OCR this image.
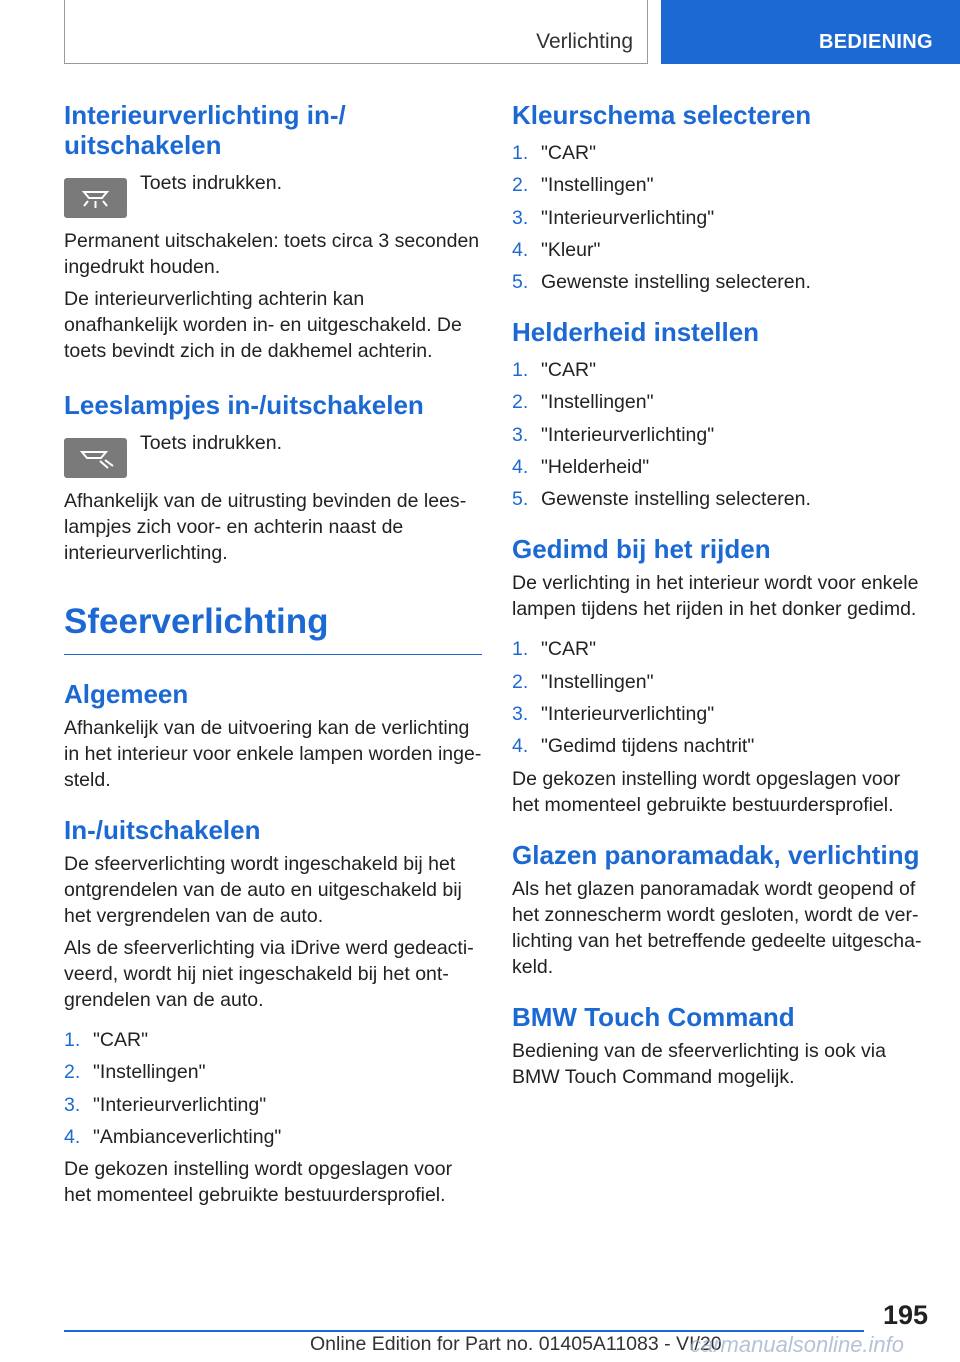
Verlichting	BEDIENING
Interieurverlichting in-/
uitschakelen

Toets indrukken.

Permanent uitschakelen: toets circa 3 seconden ingedrukt houden.

De interieurverlichting achterin kan onafhankelijk worden in- en uitgeschakeld. De toets bevindt zich in de dakhemel achterin.

Leeslampjes in-/uitschakelen

Toets indrukken.

Afhankelijk van de uitrusting bevinden de leeslampjes zich voor- en achterin naast de interieurverlichting.

Sfeerverlichting
Algemeen

Afhankelijk van de uitvoering kan de verlichting in het interieur voor enkele lampen worden ingesteld.

In-/uitschakelen

De sfeerverlichting wordt ingeschakeld bij het ontgrendelen van de auto en uitgeschakeld bij het vergrendelen van de auto.

Als de sfeerverlichting via iDrive werd gedeactiveerd, wordt hij niet ingeschakeld bij het ontgrendelen van de auto.

1. "CAR"
2. "Instellingen"
3. "Interieurverlichting"
4. "Ambianceverlichting"

De gekozen instelling wordt opgeslagen voor het momenteel gebruikte bestuurdersprofiel.

Kleurschema selecteren
1. "CAR"
2. "Instellingen"
3. "Interieurverlichting"
4. "Kleur"
5. Gewenste instelling selecteren.
Helderheid instellen
1. "CAR"
2. "Instellingen"
3. "Interieurverlichting"
4. "Helderheid"
5. Gewenste instelling selecteren.
Gedimd bij het rijden

De verlichting in het interieur wordt voor enkele lampen tijdens het rijden in het donker gedimd.

1. "CAR"
2. "Instellingen"
3. "Interieurverlichting"
4. "Gedimd tijdens nachtrit"

De gekozen instelling wordt opgeslagen voor het momenteel gebruikte bestuurdersprofiel.

Glazen panoramadak, verlichting

Als het glazen panoramadak wordt geopend of het zonnescherm wordt gesloten, wordt de verlichting van het betreffende gedeelte uitgeschakeld.

BMW Touch Command

Bediening van de sfeerverlichting is ook via BMW Touch Command mogelijk.

195
Online Edition for Part no. 01405A11083 - VI/20
carmanualsonline.info
